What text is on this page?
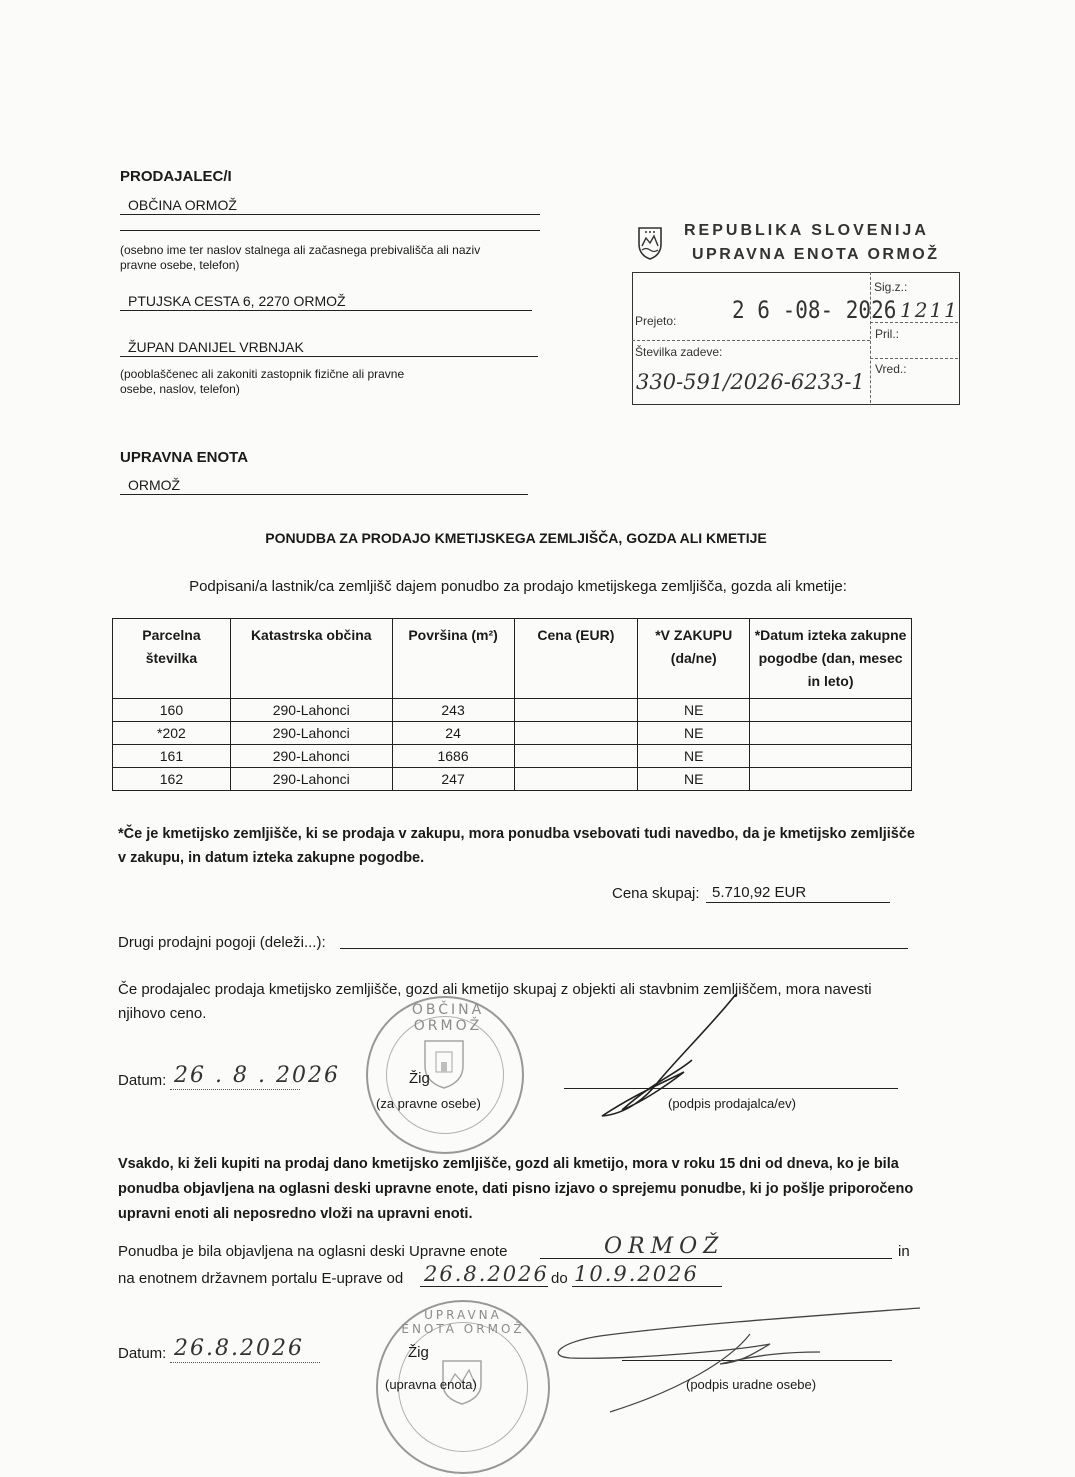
PRODAJALEC/I
OBČINA ORMOŽ
(osebno ime ter naslov stalnega ali začasnega prebivališča ali naziv pravne osebe, telefon)
PTUJSKA CESTA 6, 2270 ORMOŽ
ŽUPAN DANIJEL VRBNJAK
(pooblaščenec ali zakoniti zastopnik fizične ali pravne osebe, naslov, telefon)
UPRAVNA ENOTA
ORMOŽ
REPUBLIKA SLOVENIJA
UPRAVNA ENOTA ORMOŽ
Prejeto:	2 6 -08- 2026
Sig.z.:
1211
Pril.:
Številka zadeve:
Vred.:
330-591/2026-6233-1
PONUDBA ZA PRODAJO KMETIJSKEGA ZEMLJIŠČA, GOZDA ALI KMETIJE
Podpisani/a lastnik/ca zemljišč dajem ponudbo za prodajo kmetijskega zemljišča, gozda ali kmetije:
Parcelna številka	Katastrska občina	Površina (m²)	Cena (EUR)	*V ZAKUPU (da/ne)	*Datum izteka zakupne pogodbe (dan, mesec in leto)
160	290-Lahonci	243		NE	
*202	290-Lahonci	24		NE	
161	290-Lahonci	1686		NE	
162	290-Lahonci	247		NE	
*Če je kmetijsko zemljišče, ki se prodaja v zakupu, mora ponudba vsebovati tudi navedbo, da je kmetijsko zemljišče v zakupu, in datum izteka zakupne pogodbe.
Cena skupaj: 5.710,92 EUR
Drugi prodajni pogoji (deleži...):
Če prodajalec prodaja kmetijsko zemljišče, gozd ali kmetijo skupaj z objekti ali stavbnim zemljiščem, mora navesti njihovo ceno.
Datum: 26 . 8 . 2026
OBČINA ORMOŽ
Žig
(za pravne osebe)	(podpis prodajalca/ev)
Vsakdo, ki želi kupiti na prodaj dano kmetijsko zemljišče, gozd ali kmetijo, mora v roku 15 dni od dneva, ko je bila ponudba objavljena na oglasni deski upravne enote, dati pisno izjavo o sprejemu ponudbe, ki jo pošlje priporočeno upravni enoti ali neposredno vloži na upravni enoti.
Ponudba je bila objavljena na oglasni deski Upravne enote	ORMOŽ	in
na enotnem državnem portalu E-uprave od 26.8.2026 do 10.9.2026
Datum: 26.8.2026
UPRAVNA ENOTA ORMOŽ
Žig
(upravna enota)	(podpis uradne osebe)
